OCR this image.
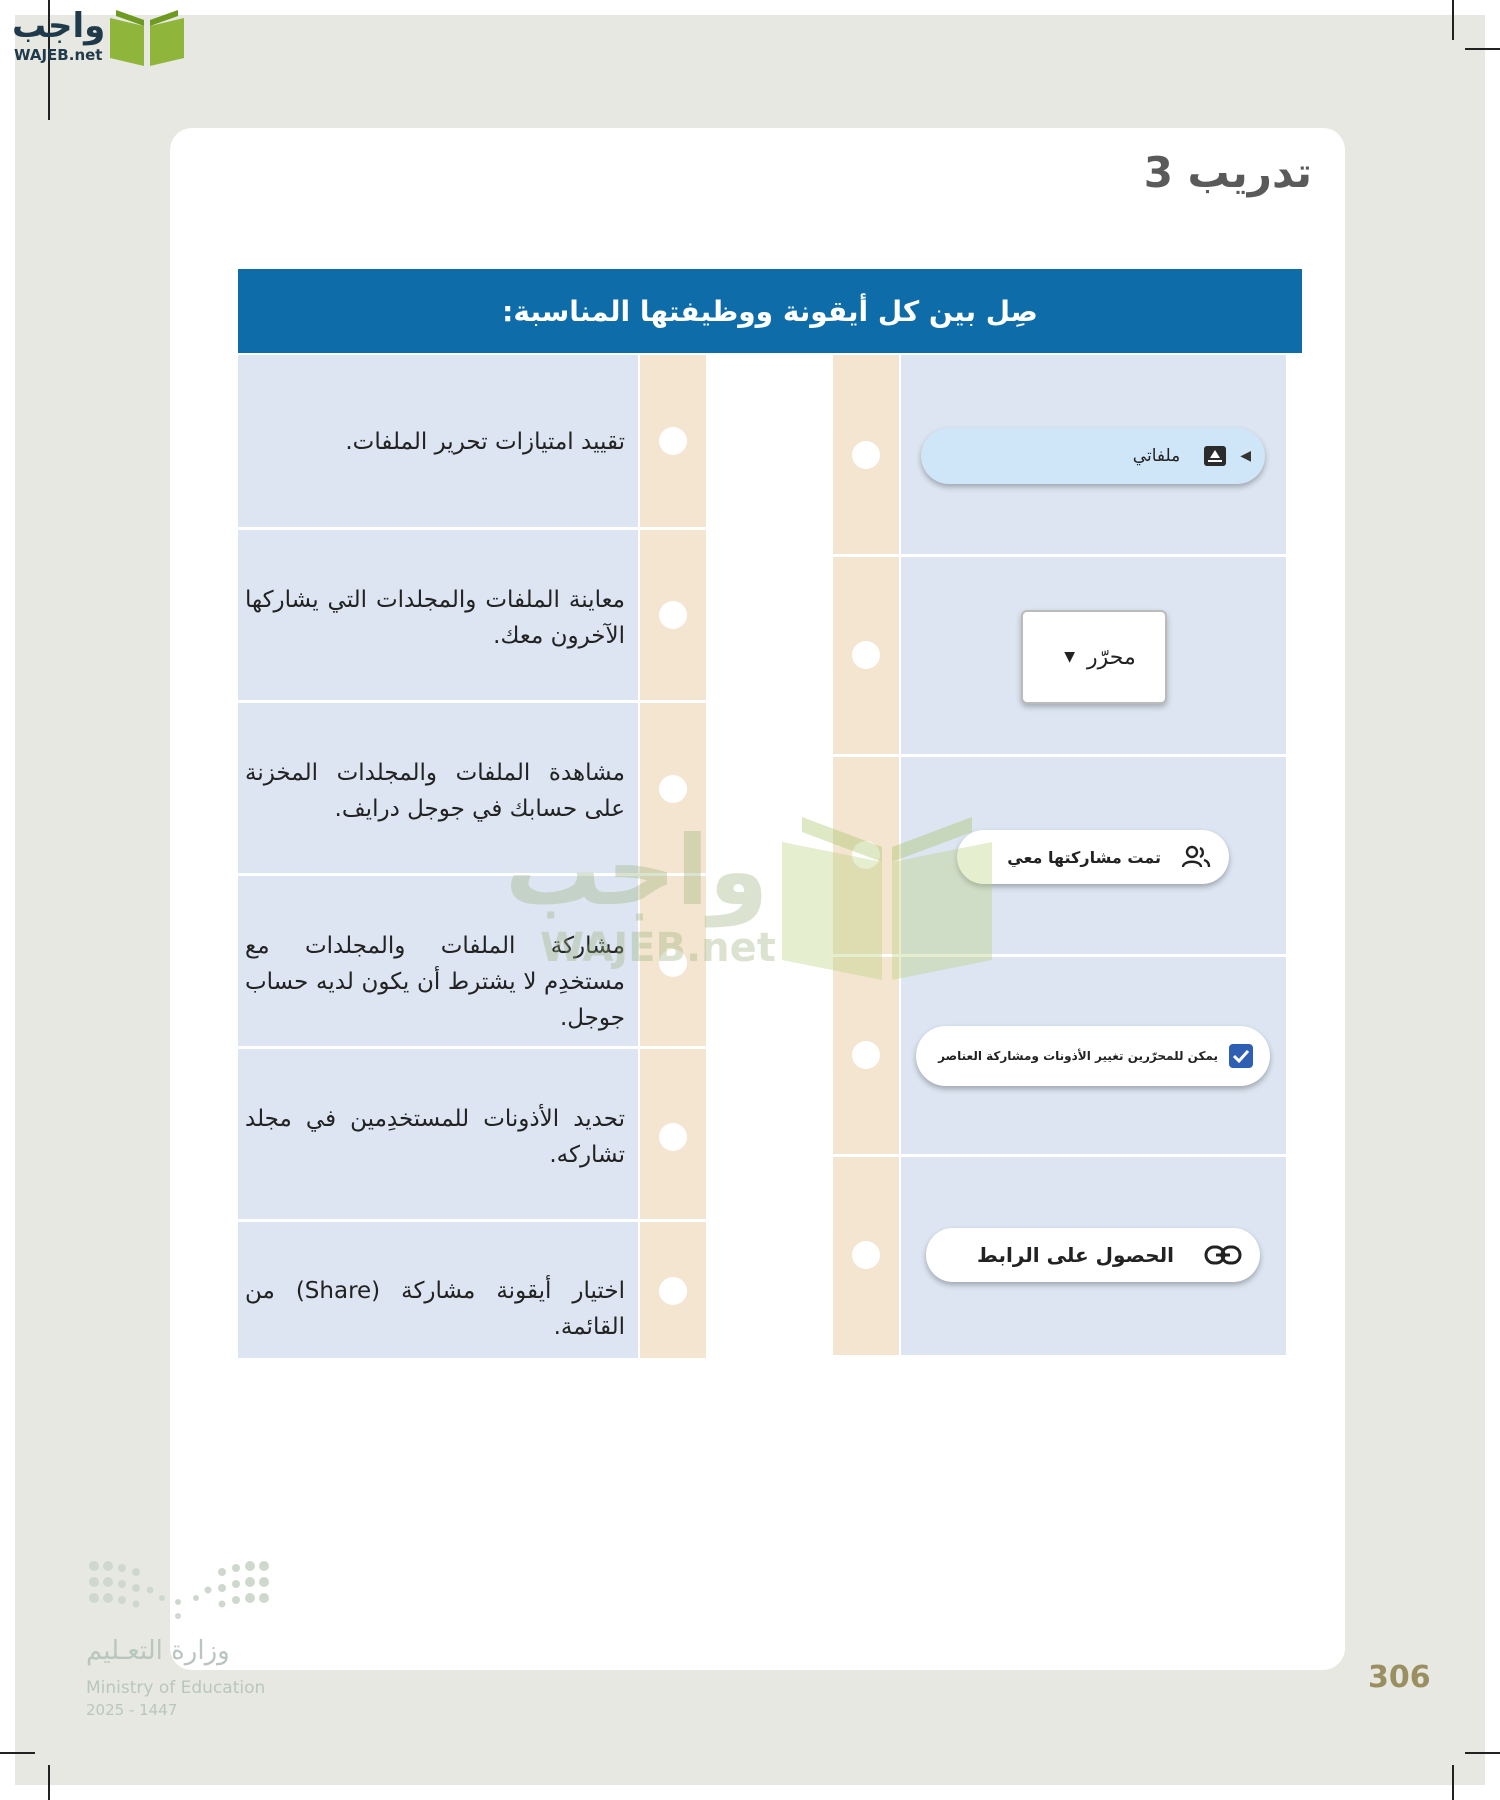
واجب
WAJEB.net
تدريب 3
صِل بين كل أيقونة ووظيفتها المناسبة:

تقييد امتيازات تحرير الملفات.

معاينة الملفات والمجلدات التي يشاركها الآخرون معك.

مشاهدة الملفات والمجلدات المخزنة على حسابك في جوجل درايف.

مشاركة الملفات والمجلدات مع مستخدِم لا يشترط أن يكون لديه حساب جوجل.

تحديد الأذونات للمستخدِمين في مجلد تشاركه.

اختيار أيقونة مشاركة (Share) من القائمة.

◀
ملفاتي
محرّر
▼
تمت مشاركتها معي
يمكن للمحرّرين تغيير الأذونات ومشاركة العناصر
الحصول على الرابط
واجب
WAJEB.net
وزارة التعـليم
Ministry of Education
2025 - 1447
306
